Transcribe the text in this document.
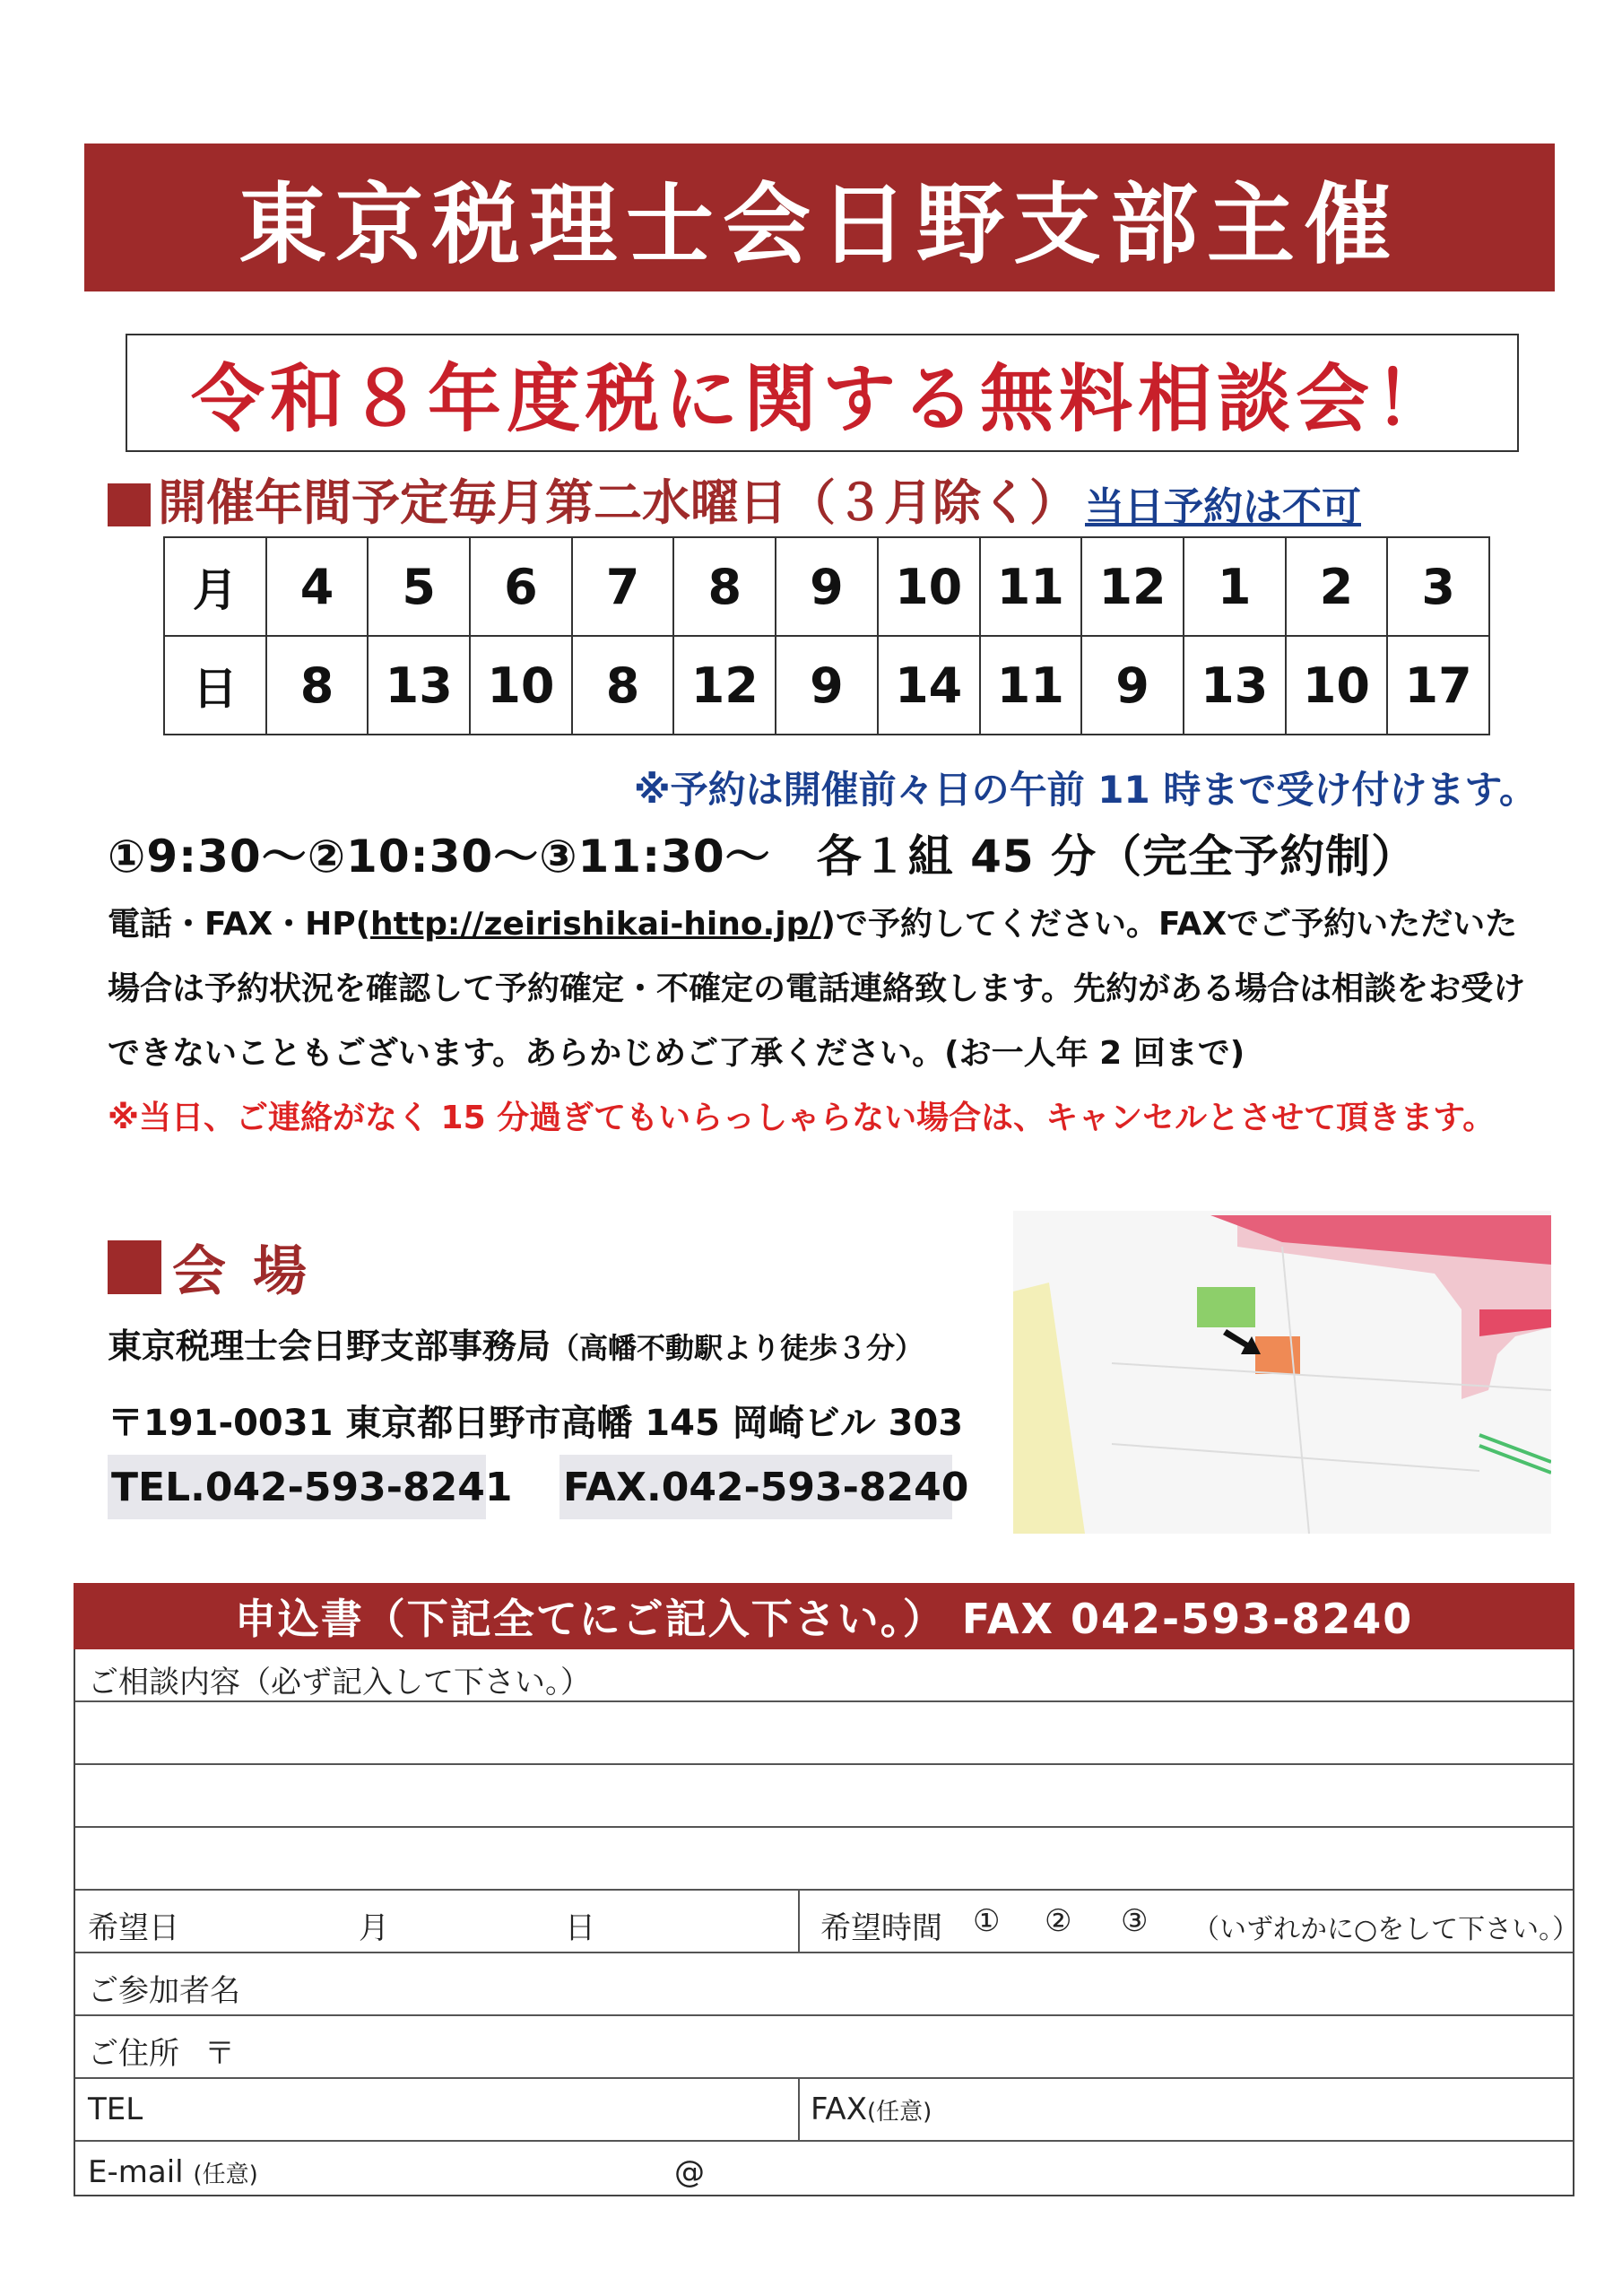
東京税理士会日野支部主催
令和８年度税に関する無料相談会！
開催年間予定毎月第二水曜日（３月除く） 当日予約は不可
月	4	5	6	7	8	9	10	11	12	1	2	3
日	8	13	10	8	12	9	14	11	9	13	10	17
※予約は開催前々日の午前 11 時まで受け付けます。
①9:30～②10:30～③11:30～　各１組 45 分（完全予約制）
電話・FAX・HP(http://zeirishikai-hino.jp/)で予約してください。FAXでご予約いただいた場合は予約状況を確認して予約確定・不確定の電話連絡致します。先約がある場合は相談をお受けできないこともございます。あらかじめご了承ください。(お一人年 2 回まで)
※当日、ご連絡がなく 15 分過ぎてもいらっしゃらない場合は、キャンセルとさせて頂きます。
会場
東京税理士会日野支部事務局（高幡不動駅より徒歩３分）
〒191-0031 東京都日野市高幡 145 岡崎ビル 303
TEL.042-593-8241 FAX.042-593-8240
申込書（下記全てにご記入下さい。） FAX 042-593-8240
ご相談内容（必ず記入して下さい。）
希望日	月	日	希望時間 ① ② ③ （いずれかに○をして下さい。）
ご参加者名
ご住所 〒
TEL	FAX(任意)
E-mail (任意)	@
